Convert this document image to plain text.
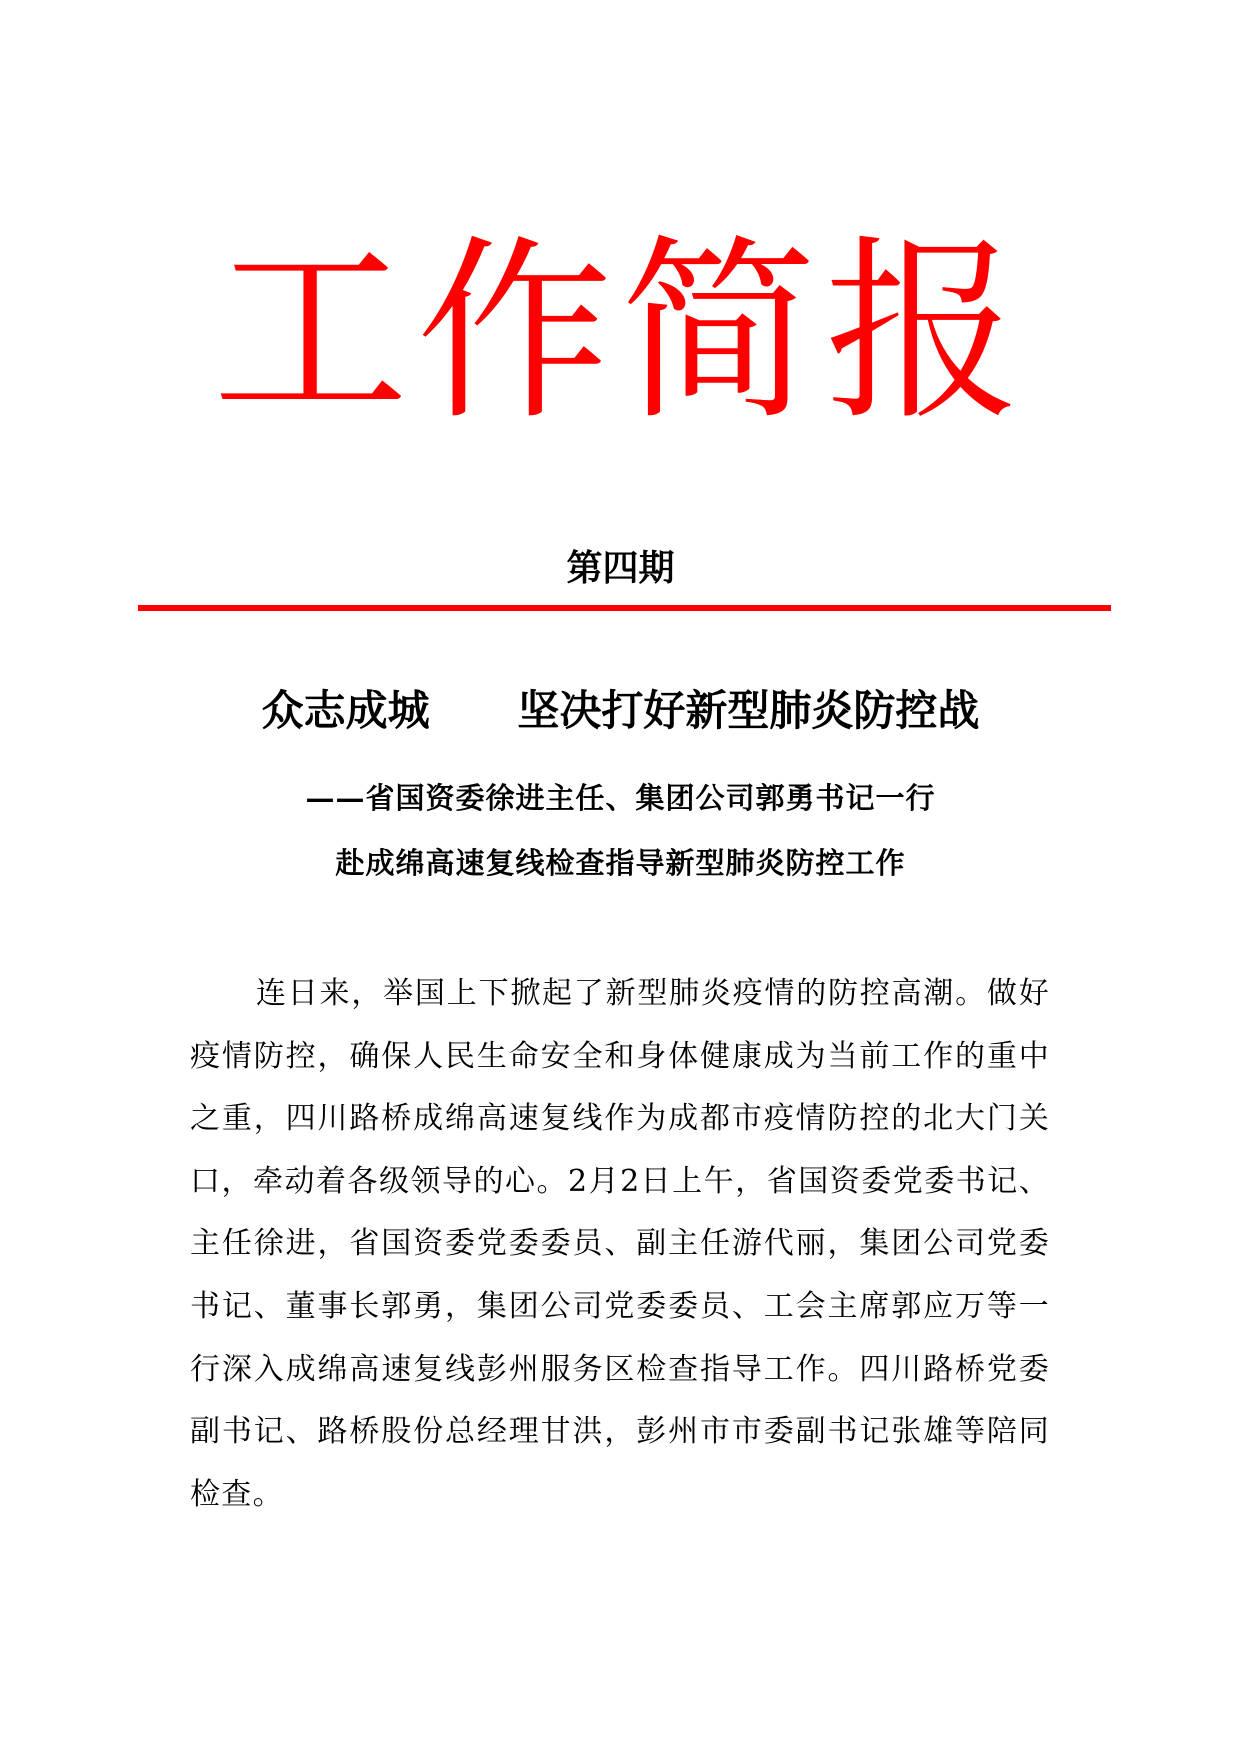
工作简报
第四期
众志成城      坚决打好新型肺炎防控战
——省国资委徐进主任、集团公司郭勇书记一行
赴成绵高速复线检查指导新型肺炎防控工作

连日来，举国上下掀起了新型肺炎疫情的防控高潮。做好疫情防控，确保人民生命安全和身体健康成为当前工作的重中之重，四川路桥成绵高速复线作为成都市疫情防控的北大门关口，牵动着各级领导的心。2月2日上午，省国资委党委书记、主任徐进，省国资委党委委员、副主任游代丽，集团公司党委书记、董事长郭勇，集团公司党委委员、工会主席郭应万等一行深入成绵高速复线彭州服务区检查指导工作。四川路桥党委副书记、路桥股份总经理甘洪，彭州市市委副书记张雄等陪同检查。
